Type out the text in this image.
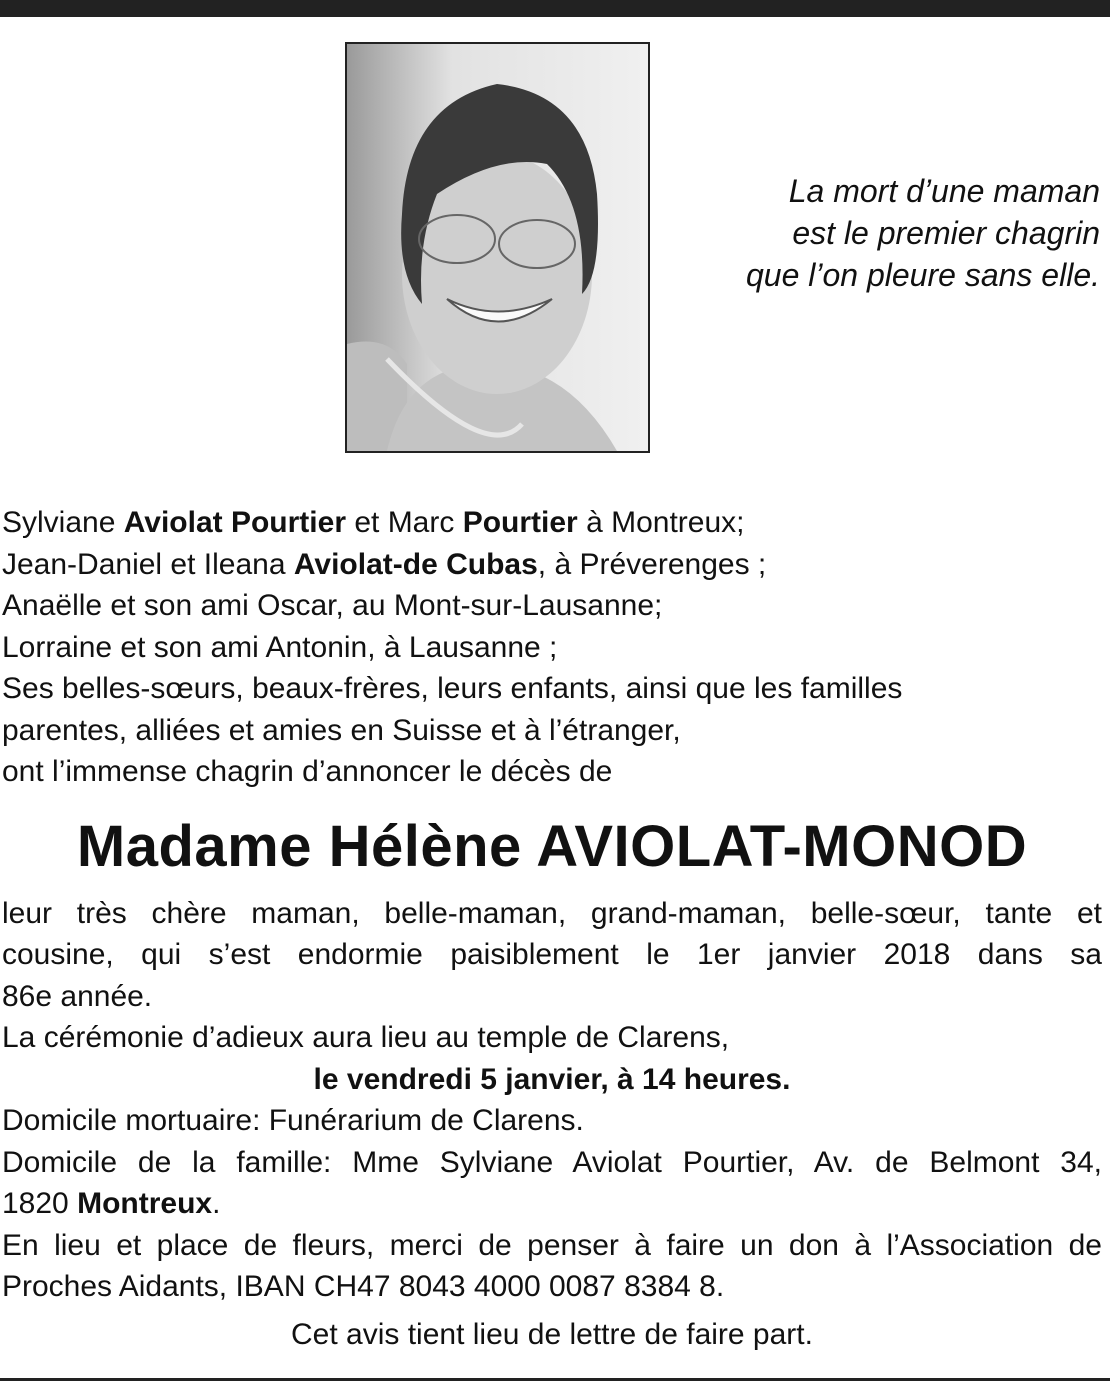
La mort d’une maman
est le premier chagrin
que l’on pleure sans elle.
Sylviane Aviolat Pourtier et Marc Pourtier à Montreux;
Jean-Daniel et Ileana Aviolat-de Cubas, à Préverenges ;
Anaëlle et son ami Oscar, au Mont-sur-Lausanne;
Lorraine et son ami Antonin, à Lausanne ;
Ses belles-sœurs, beaux-frères, leurs enfants, ainsi que les familles
parentes, alliées et amies en Suisse et à l’étranger,
ont l’immense chagrin d’annoncer le décès de
Madame Hélène AVIOLAT-MONOD
leur très chère maman, belle-maman, grand-maman, belle-sœur, tante et
cousine, qui s’est endormie paisiblement le 1er janvier 2018 dans sa
86e année.
La cérémonie d’adieux aura lieu au temple de Clarens,
le vendredi 5 janvier, à 14 heures.
Domicile mortuaire: Funérarium de Clarens.
Domicile de la famille: Mme Sylviane Aviolat Pourtier, Av. de Belmont 34,
1820 Montreux.
En lieu et place de fleurs, merci de penser à faire un don à l’Association de
Proches Aidants, IBAN CH47 8043 4000 0087 8384 8.
Cet avis tient lieu de lettre de faire part.
